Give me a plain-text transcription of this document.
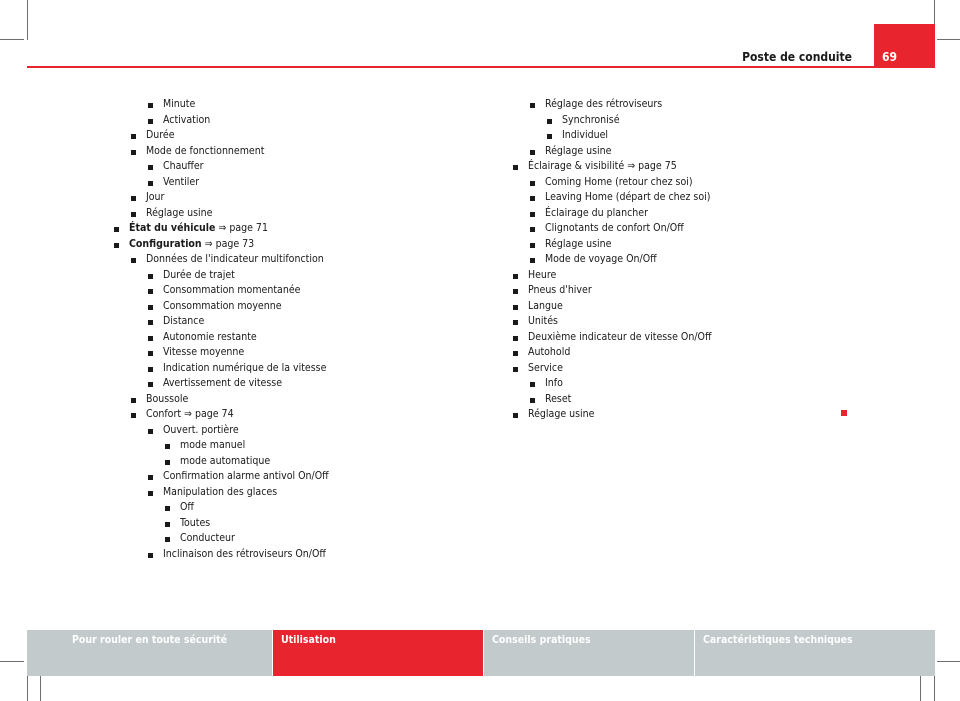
Poste de conduite	69
Minute
Activation
Durée
Mode de fonctionnement
Chauffer
Ventiler
Jour
Réglage usine
État du véhicule ⇒ page 71
Configuration ⇒ page 73
Données de l'indicateur multifonction
Durée de trajet
Consommation momentanée
Consommation moyenne
Distance
Autonomie restante
Vitesse moyenne
Indication numérique de la vitesse
Avertissement de vitesse
Boussole
Confort ⇒ page 74
Ouvert. portière
mode manuel
mode automatique
Confirmation alarme antivol On/Off
Manipulation des glaces
Off
Toutes
Conducteur
Inclinaison des rétroviseurs On/Off
Réglage des rétroviseurs
Synchronisé
Individuel
Réglage usine
Éclairage & visibilité ⇒ page 75
Coming Home (retour chez soi)
Leaving Home (départ de chez soi)
Éclairage du plancher
Clignotants de confort On/Off
Réglage usine
Mode de voyage On/Off
Heure
Pneus d'hiver
Langue
Unités
Deuxième indicateur de vitesse On/Off
Autohold
Service
Info
Reset
Réglage usine
Pour rouler en toute sécurité	Utilisation	Conseils pratiques	Caractéristiques techniques
